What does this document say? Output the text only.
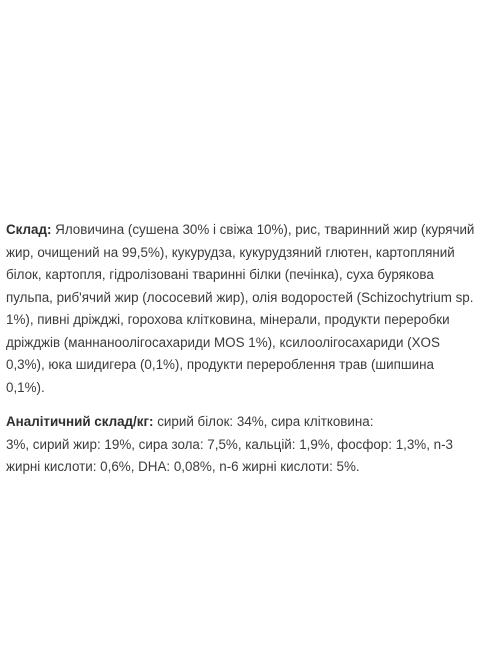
Склад: Яловичина (сушена 30% і свіжа 10%), рис, тваринний жир (курячий
жир, очищений на 99,5%), кукурудза, кукурудзяний глютен, картопляний
білок, картопля, гідролізовані тваринні білки (печінка), суха бурякова
пульпа, риб'ячий жир (лососевий жир), олія водоростей (Schizochytrium sp.
1%), пивні дріжджі, горохова клітковина, мінерали, продукти переробки
дріжджів (маннаноолігосахариди MOS 1%), ксилоолігосахариди (XOS
0,3%), юка шидигера (0,1%), продукти перероблення трав (шипшина
0,1%).

Аналітичний склад/кг: сирий білок: 34%, сира клітковина:
3%, сирий жир: 19%, сира зола: 7,5%, кальцій: 1,9%, фосфор: 1,3%, n-3
жирні кислоти: 0,6%, DHA: 0,08%, n-6 жирні кислоти: 5%.
